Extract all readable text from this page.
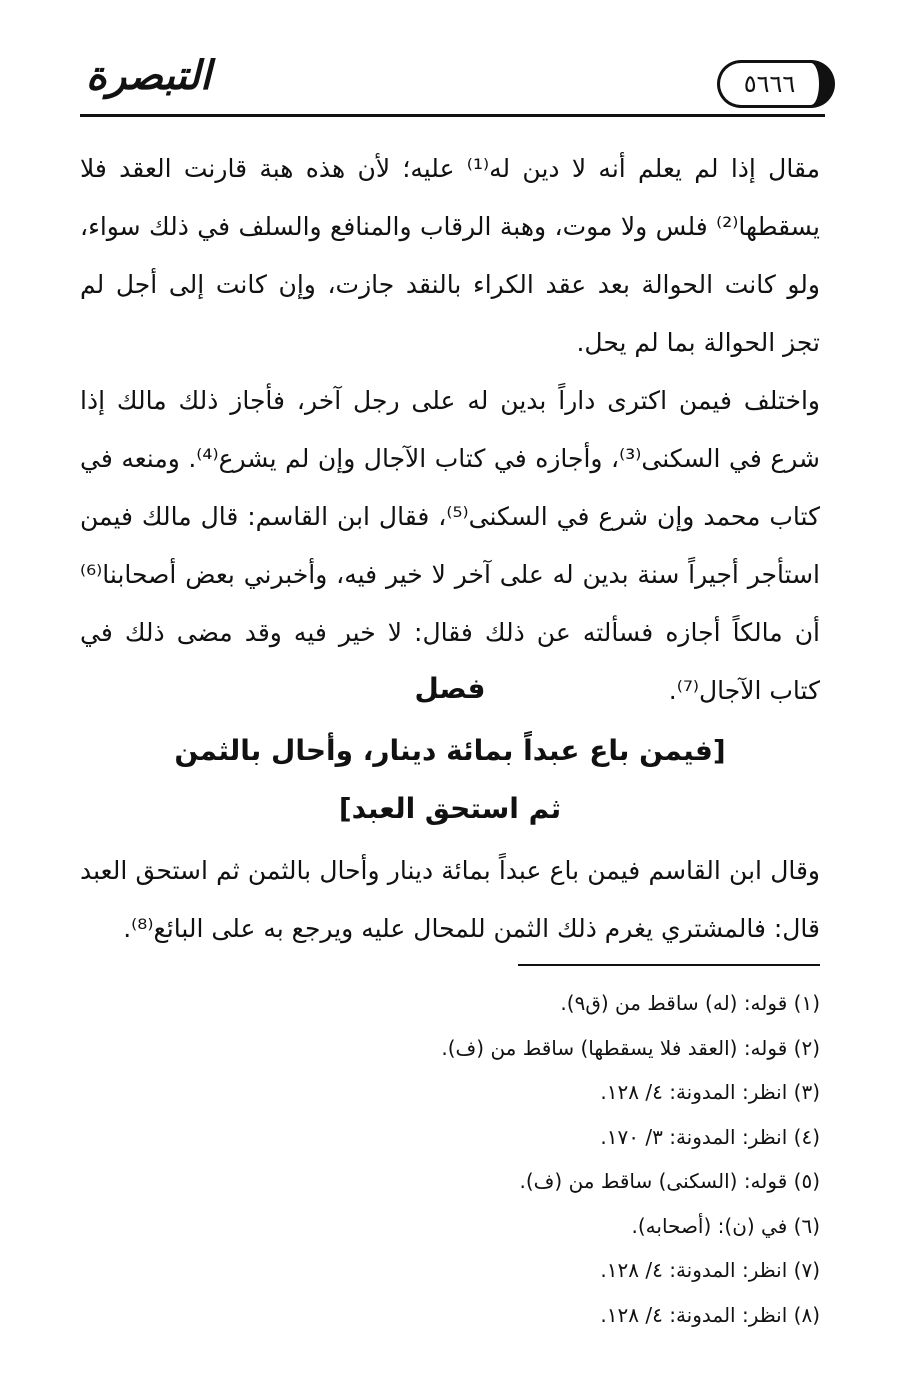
التبصرة	٥٦٦٦

مقال إذا لم يعلم أنه لا دين له⁽¹⁾ عليه؛ لأن هذه هبة قارنت العقد فلا يسقطها⁽²⁾ فلس ولا موت، وهبة الرقاب والمنافع والسلف في ذلك سواء، ولو كانت الحوالة بعد عقد الكراء بالنقد جازت، وإن كانت إلى أجل لم تجز الحوالة بما لم يحل.

واختلف فيمن اكترى داراً بدين له على رجل آخر، فأجاز ذلك مالك إذا شرع في السكنى⁽³⁾، وأجازه في كتاب الآجال وإن لم يشرع⁽⁴⁾. ومنعه في كتاب محمد وإن شرع في السكنى⁽⁵⁾، فقال ابن القاسم: قال مالك فيمن استأجر أجيراً سنة بدين له على آخر لا خير فيه، وأخبرني بعض أصحابنا⁽⁶⁾ أن مالكاً أجازه فسألته عن ذلك فقال: لا خير فيه وقد مضى ذلك في كتاب الآجال⁽⁷⁾.

فصل
[فيمن باع عبداً بمائة دينار، وأحال بالثمن
ثم استحق العبد]

وقال ابن القاسم فيمن باع عبداً بمائة دينار وأحال بالثمن ثم استحق العبد قال: فالمشتري يغرم ذلك الثمن للمحال عليه ويرجع به على البائع⁽⁸⁾.

(١) قوله: (له) ساقط من (ق٩).
(٢) قوله: (العقد فلا يسقطها) ساقط من (ف).
(٣) انظر: المدونة: ٤/ ١٢٨.
(٤) انظر: المدونة: ٣/ ١٧٠.
(٥) قوله: (السكنى) ساقط من (ف).
(٦) في (ن): (أصحابه).
(٧) انظر: المدونة: ٤/ ١٢٨.
(٨) انظر: المدونة: ٤/ ١٢٨.
